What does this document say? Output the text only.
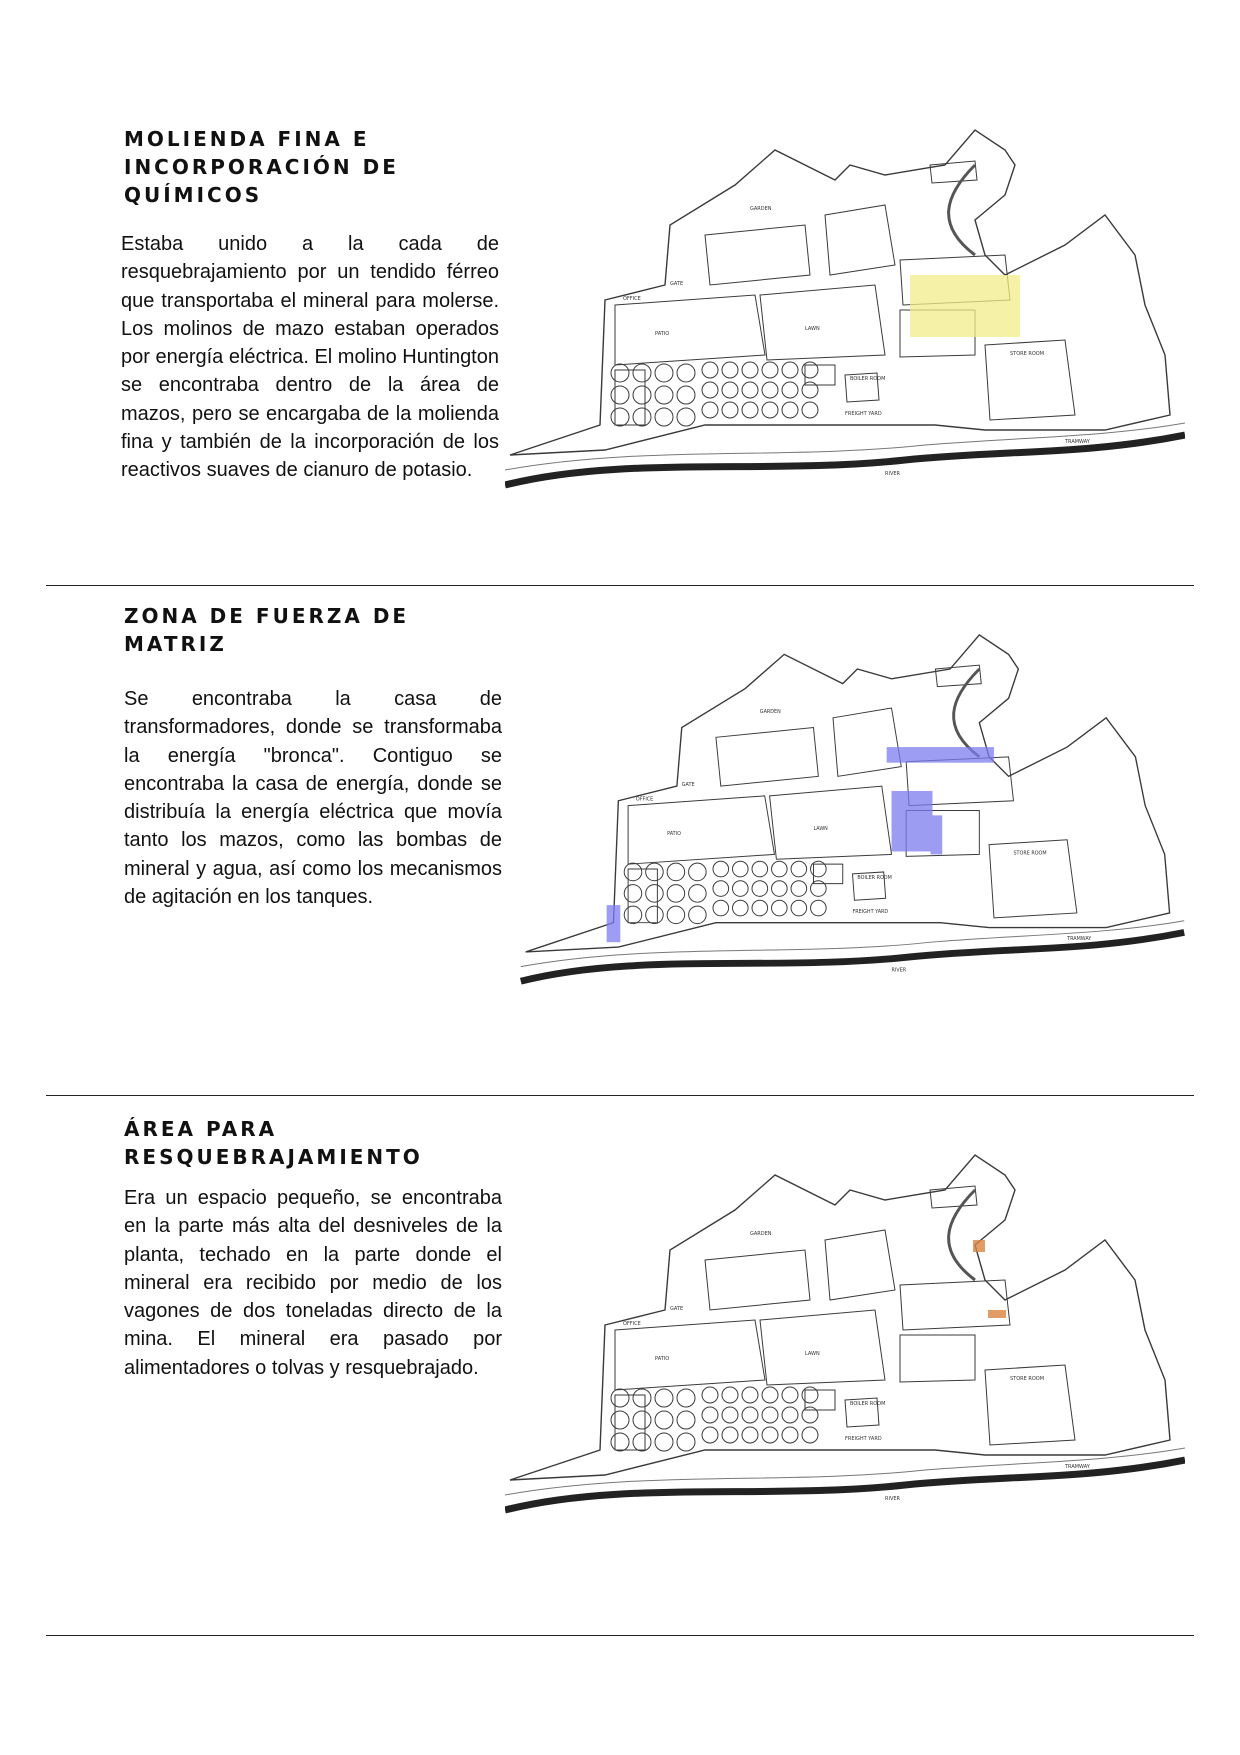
MOLIENDA FINA E
INCORPORACIÓN DE
QUÍMICOS

Estaba unido a la cada de resquebrajamiento por un tendido férreo que transportaba el mineral para molerse. Los molinos de mazo estaban operados por energía eléctrica. El molino Huntington se encontraba dentro de la área de mazos, pero se encargaba de la molienda fina y también de la incorporación de los reactivos suaves de cianuro de potasio.

PATIO
LAWN
GARDEN
RIVER
GATE
OFFICE
STORE ROOM
BOILER ROOM
FREIGHT YARD
TRAMWAY
ZONA DE FUERZA DE
MATRIZ

Se encontraba la casa de transformadores, donde se transformaba la energía "bronca". Contiguo se encontraba la casa de energía, donde se distribuía la energía eléctrica que movía tanto los mazos, como las bombas de mineral y agua, así como los mecanismos de agitación en los tanques.

PATIO
LAWN
GARDEN
RIVER
GATE
OFFICE
STORE ROOM
BOILER ROOM
FREIGHT YARD
TRAMWAY
ÁREA PARA
RESQUEBRAJAMIENTO

Era un espacio pequeño, se encontraba en la parte más alta del desniveles de la planta, techado en la parte donde el mineral era recibido por medio de los vagones de dos toneladas directo de la mina. El mineral era pasado por alimentadores o tolvas y resquebrajado.	PATIO
LAWN
GARDEN
RIVER
GATE
OFFICE
STORE ROOM
BOILER ROOM
FREIGHT YARD
TRAMWAY
